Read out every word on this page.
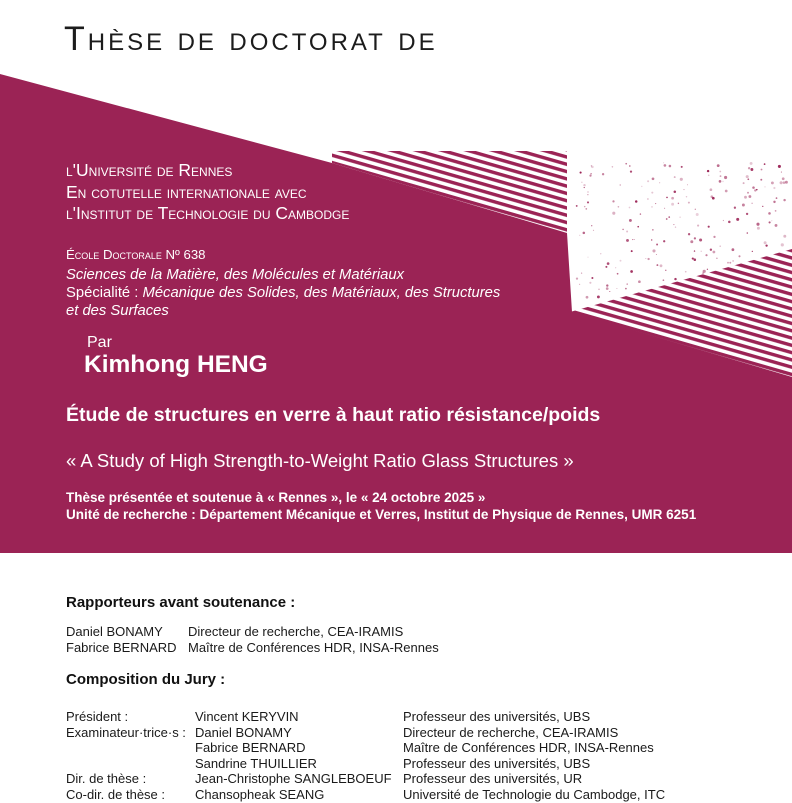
Thèse de doctorat de
l'Université de Rennes
En cotutelle internationale avec
l'Institut de Technologie du Cambodge
École Doctorale Nº 638
Sciences de la Matière, des Molécules et Matériaux
Spécialité : Mécanique des Solides, des Matériaux, des Structures
et des Surfaces
Par
Kimhong HENG
Étude de structures en verre à haut ratio résistance/poids
« A Study of High Strength-to-Weight Ratio Glass Structures »
Thèse présentée et soutenue à « Rennes », le « 24 octobre 2025 »
Unité de recherche : Département Mécanique et Verres, Institut de Physique de Rennes, UMR 6251
Rapporteurs avant soutenance :
Daniel BONAMY	Directeur de recherche, CEA-IRAMIS
Fabrice BERNARD Maître de Conférences HDR, INSA-Rennes
Composition du Jury :
Président :	Vincent KERYVIN	Professeur des universités, UBS
Examinateur·trice·s : Daniel BONAMY	Directeur de recherche, CEA-IRAMIS
Fabrice BERNARD	Maître de Conférences HDR, INSA-Rennes
Sandrine THUILLIER	Professeur des universités, UBS
Dir. de thèse :	Jean-Christophe SANGLEBOEUF Professeur des universités, UR
Co-dir. de thèse :	Chansopheak SEANG	Université de Technologie du Cambodge, ITC
